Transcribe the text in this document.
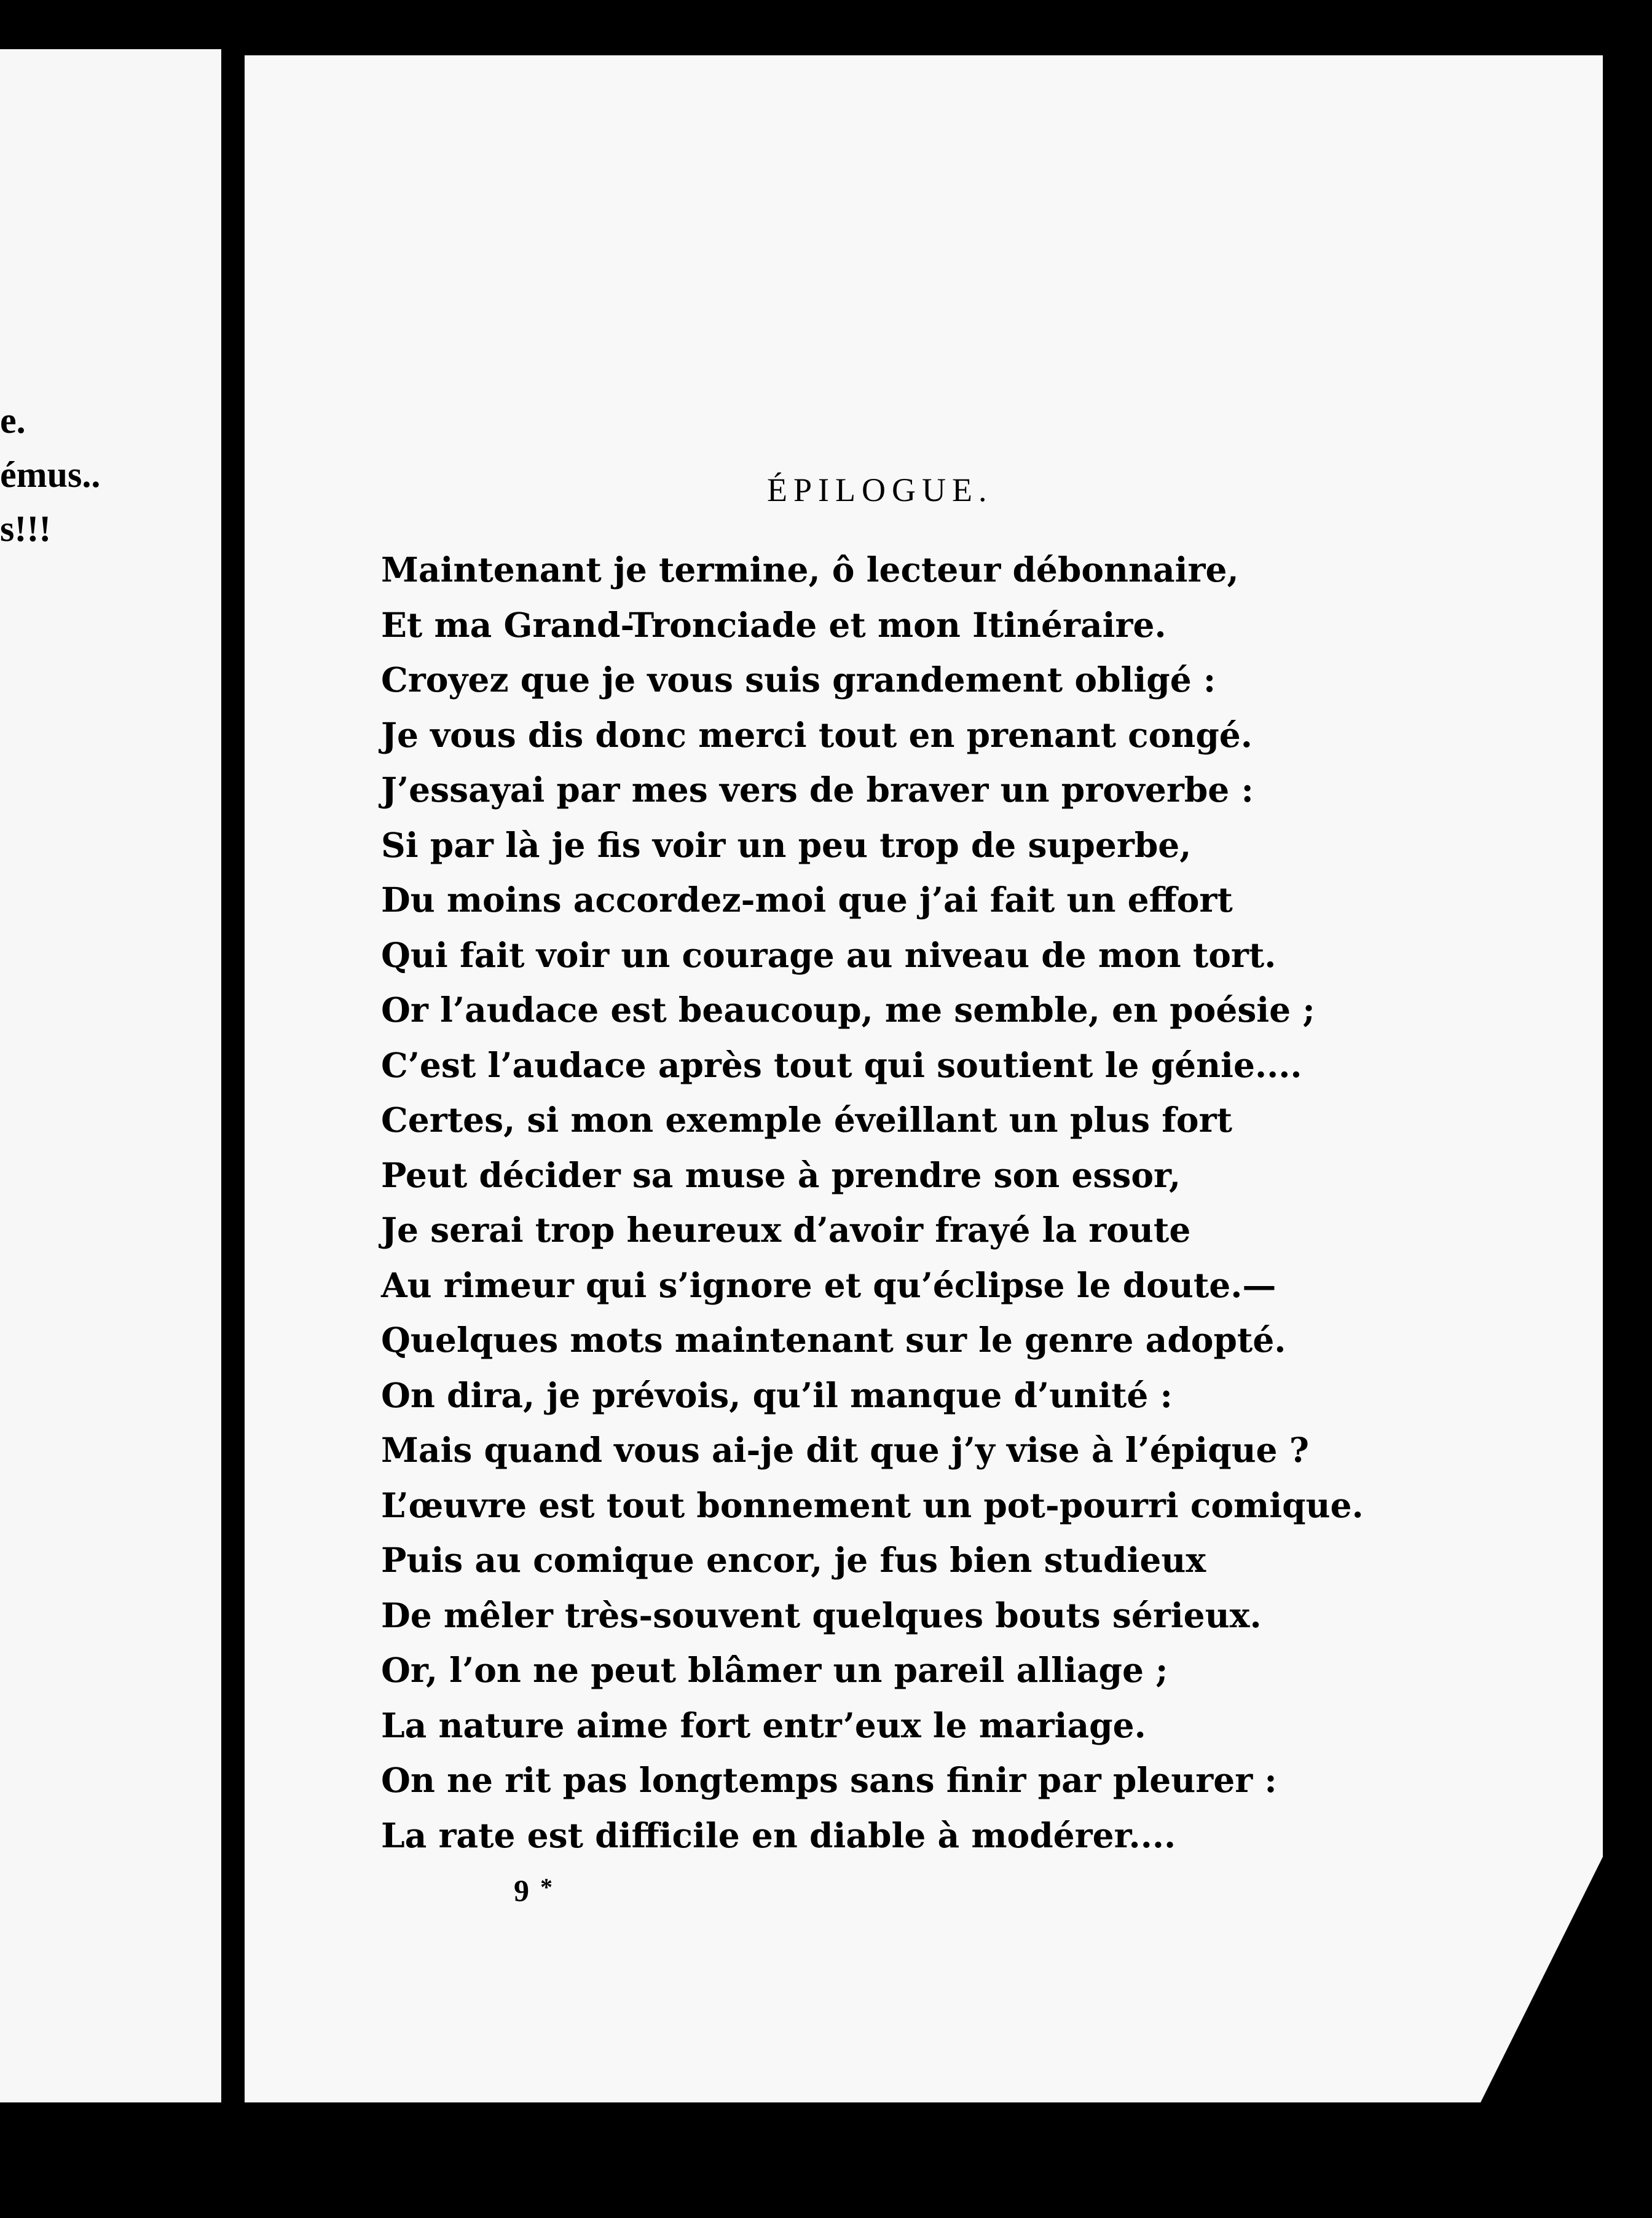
e.
émus..
s!!!
ÉPILOGUE.
Maintenant je termine, ô lecteur débonnaire,
Et ma Grand-Tronciade et mon Itinéraire.
Croyez que je vous suis grandement obligé :
Je vous dis donc merci tout en prenant congé.
J’essayai par mes vers de braver un proverbe :
Si par là je fis voir un peu trop de superbe,
Du moins accordez-moi que j’ai fait un effort
Qui fait voir un courage au niveau de mon tort.
Or l’audace est beaucoup, me semble, en poésie ;
C’est l’audace après tout qui soutient le génie....
Certes, si mon exemple éveillant un plus fort
Peut décider sa muse à prendre son essor,
Je serai trop heureux d’avoir frayé la route
Au rimeur qui s’ignore et qu’éclipse le doute.—
Quelques mots maintenant sur le genre adopté.
On dira, je prévois, qu’il manque d’unité :
Mais quand vous ai-je dit que j’y vise à l’épique ?
L’œuvre est tout bonnement un pot-pourri comique.
Puis au comique encor, je fus bien studieux
De mêler très-souvent quelques bouts sérieux.
Or, l’on ne peut blâmer un pareil alliage ;
La nature aime fort entr’eux le mariage.
On ne rit pas longtemps sans finir par pleurer :
La rate est difficile en diable à modérer....
9 *
